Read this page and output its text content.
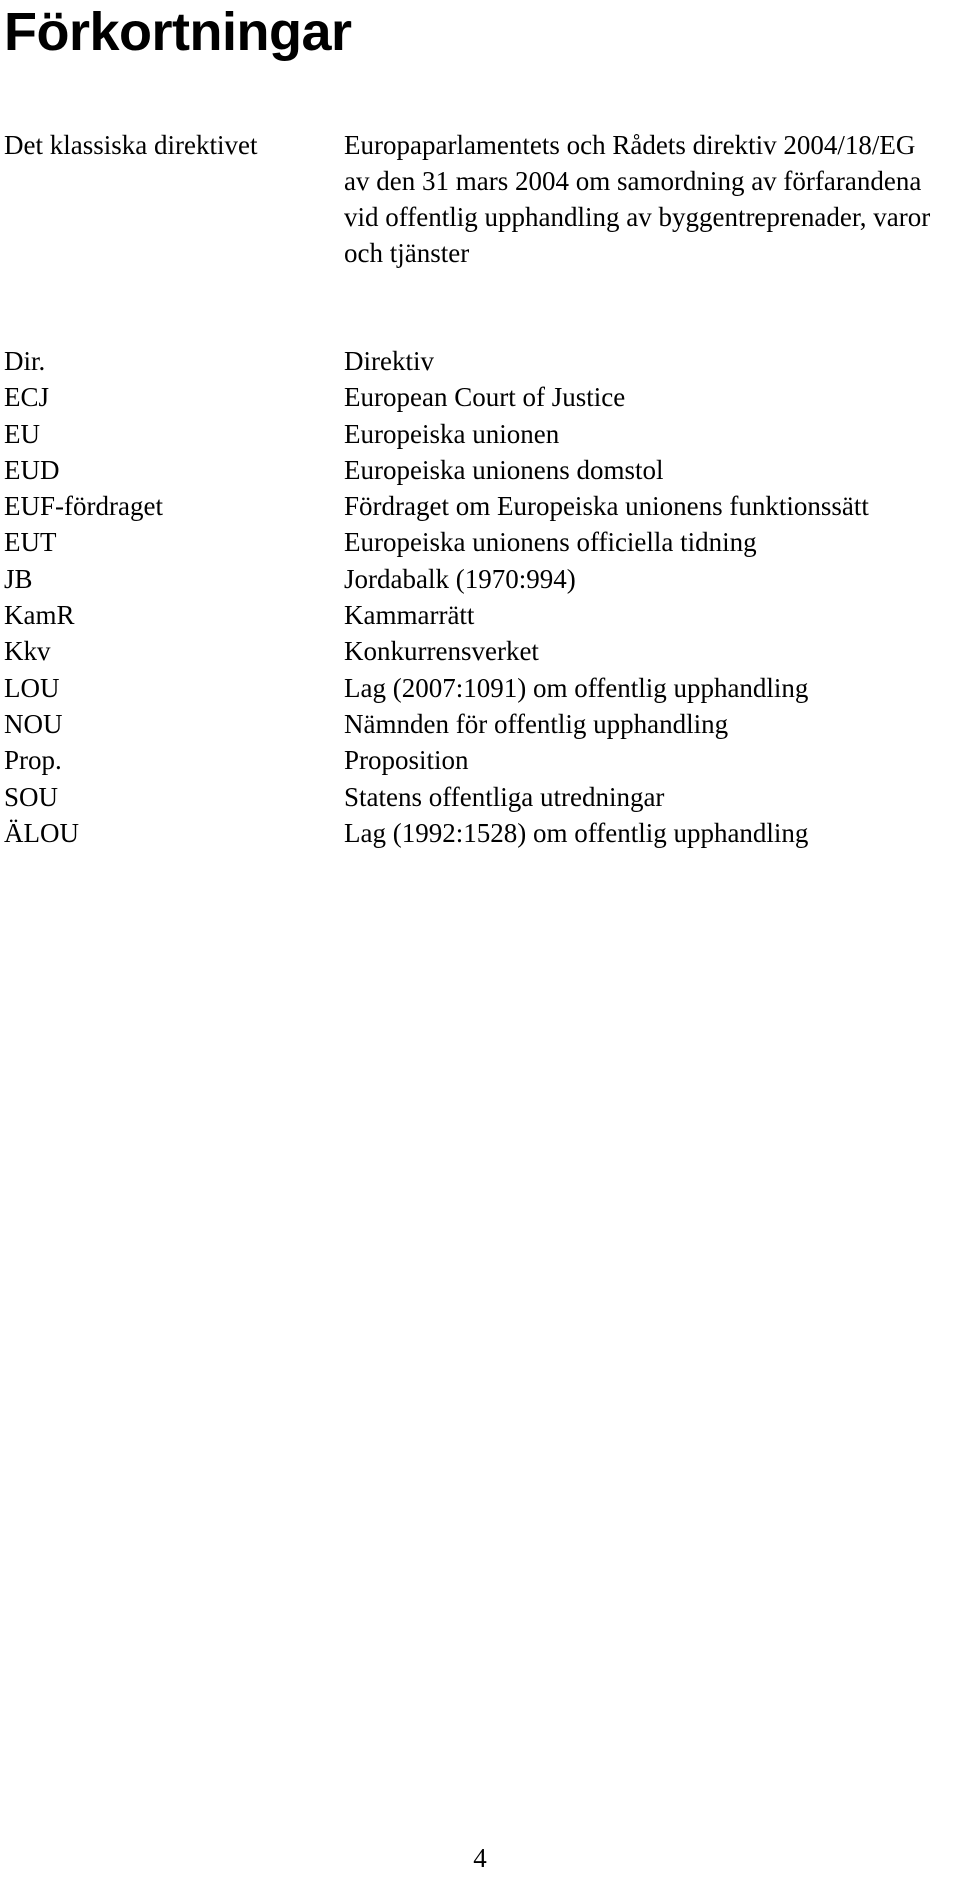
Förkortningar
Det klassiska direktivet	Europaparlamentets och Rådets direktiv 2004/18/EG av den 31 mars 2004 om samordning av förfarandena vid offentlig upphandling av byggentreprenader, varor och tjänster
Dir.	Direktiv
ECJ	European Court of Justice
EU	Europeiska unionen
EUD	Europeiska unionens domstol
EUF-fördraget	Fördraget om Europeiska unionens funktionssätt
EUT	Europeiska unionens officiella tidning
JB	Jordabalk (1970:994)
KamR	Kammarrätt
Kkv	Konkurrensverket
LOU	Lag (2007:1091) om offentlig upphandling
NOU	Nämnden för offentlig upphandling
Prop.	Proposition
SOU	Statens offentliga utredningar
ÄLOU	Lag (1992:1528) om offentlig upphandling
4
